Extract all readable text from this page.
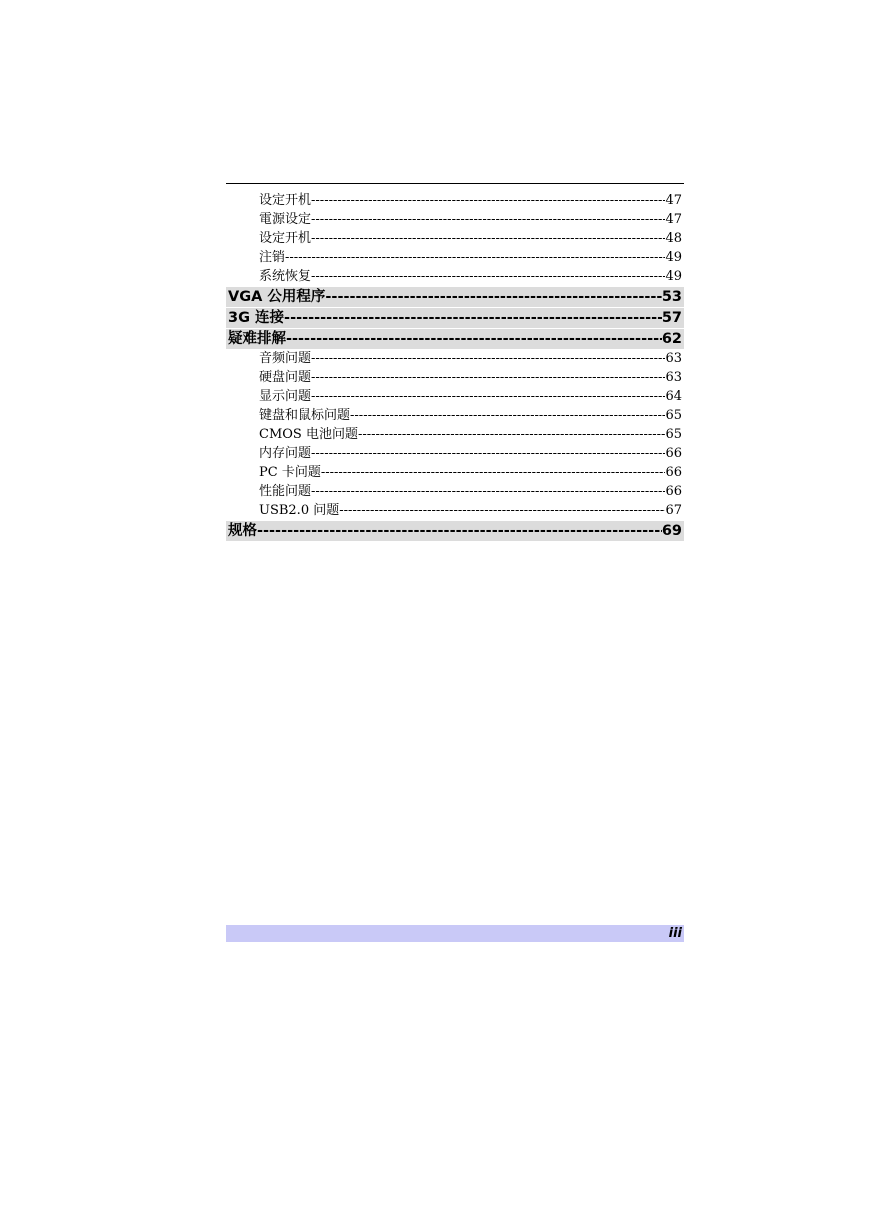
设定开机 -----	47
電源设定 -----	47
设定开机 -----	48
注销 -----	49
系统恢复 -----	49
VGA 公用程序 -----	53
3G 连接 -----	57
疑难排解 -----	62
音频问题 -----	63
硬盘问题 -----	63
显示问题 -----	64
键盘和鼠标问题 -----	65
CMOS 电池问题 -----	65
内存问题 -----	66
PC 卡问题 -----	66
性能问题 -----	66
USB2.0 问题 -----	67
规格 -----	69
iii
